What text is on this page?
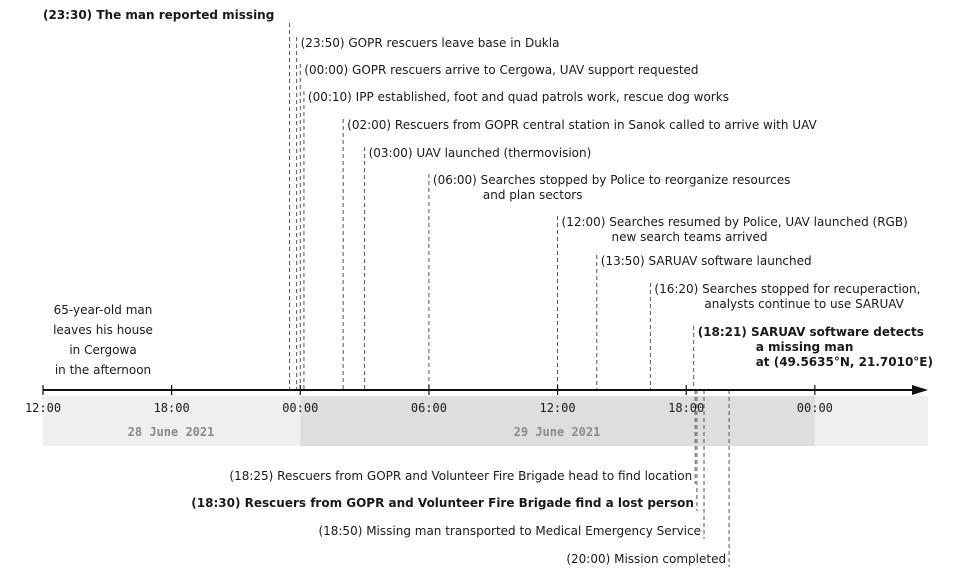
28 June 2021	29 June 2021
65-year-old man
leaves his house
in Cergowa
in the afternoon
12:00	18:00	00:00	06:00	12:00	18:00	00:00
(23:30) The man reported missing
(23:50) GOPR rescuers leave base in Dukla
(00:00) GOPR rescuers arrive to Cergowa, UAV support requested
(00:10) IPP established, foot and quad patrols work, rescue dog works
(02:00) Rescuers from GOPR central station in Sanok called to arrive with UAV
(03:00) UAV launched (thermovision)
(06:00) Searches stopped by Police to reorganize resources
and plan sectors
(12:00) Searches resumed by Police, UAV launched (RGB)
new search teams arrived
(13:50) SARUAV software launched
(16:20) Searches stopped for recuperaction,
analysts continue to use SARUAV
(18:21) SARUAV software detects
a missing man
at (49.5635°N, 21.7010°E)
(18:25) Rescuers from GOPR and Volunteer Fire Brigade head to find location
(18:30) Rescuers from GOPR and Volunteer Fire Brigade find a lost person
(18:50) Missing man transported to Medical Emergency Service
(20:00) Mission completed
